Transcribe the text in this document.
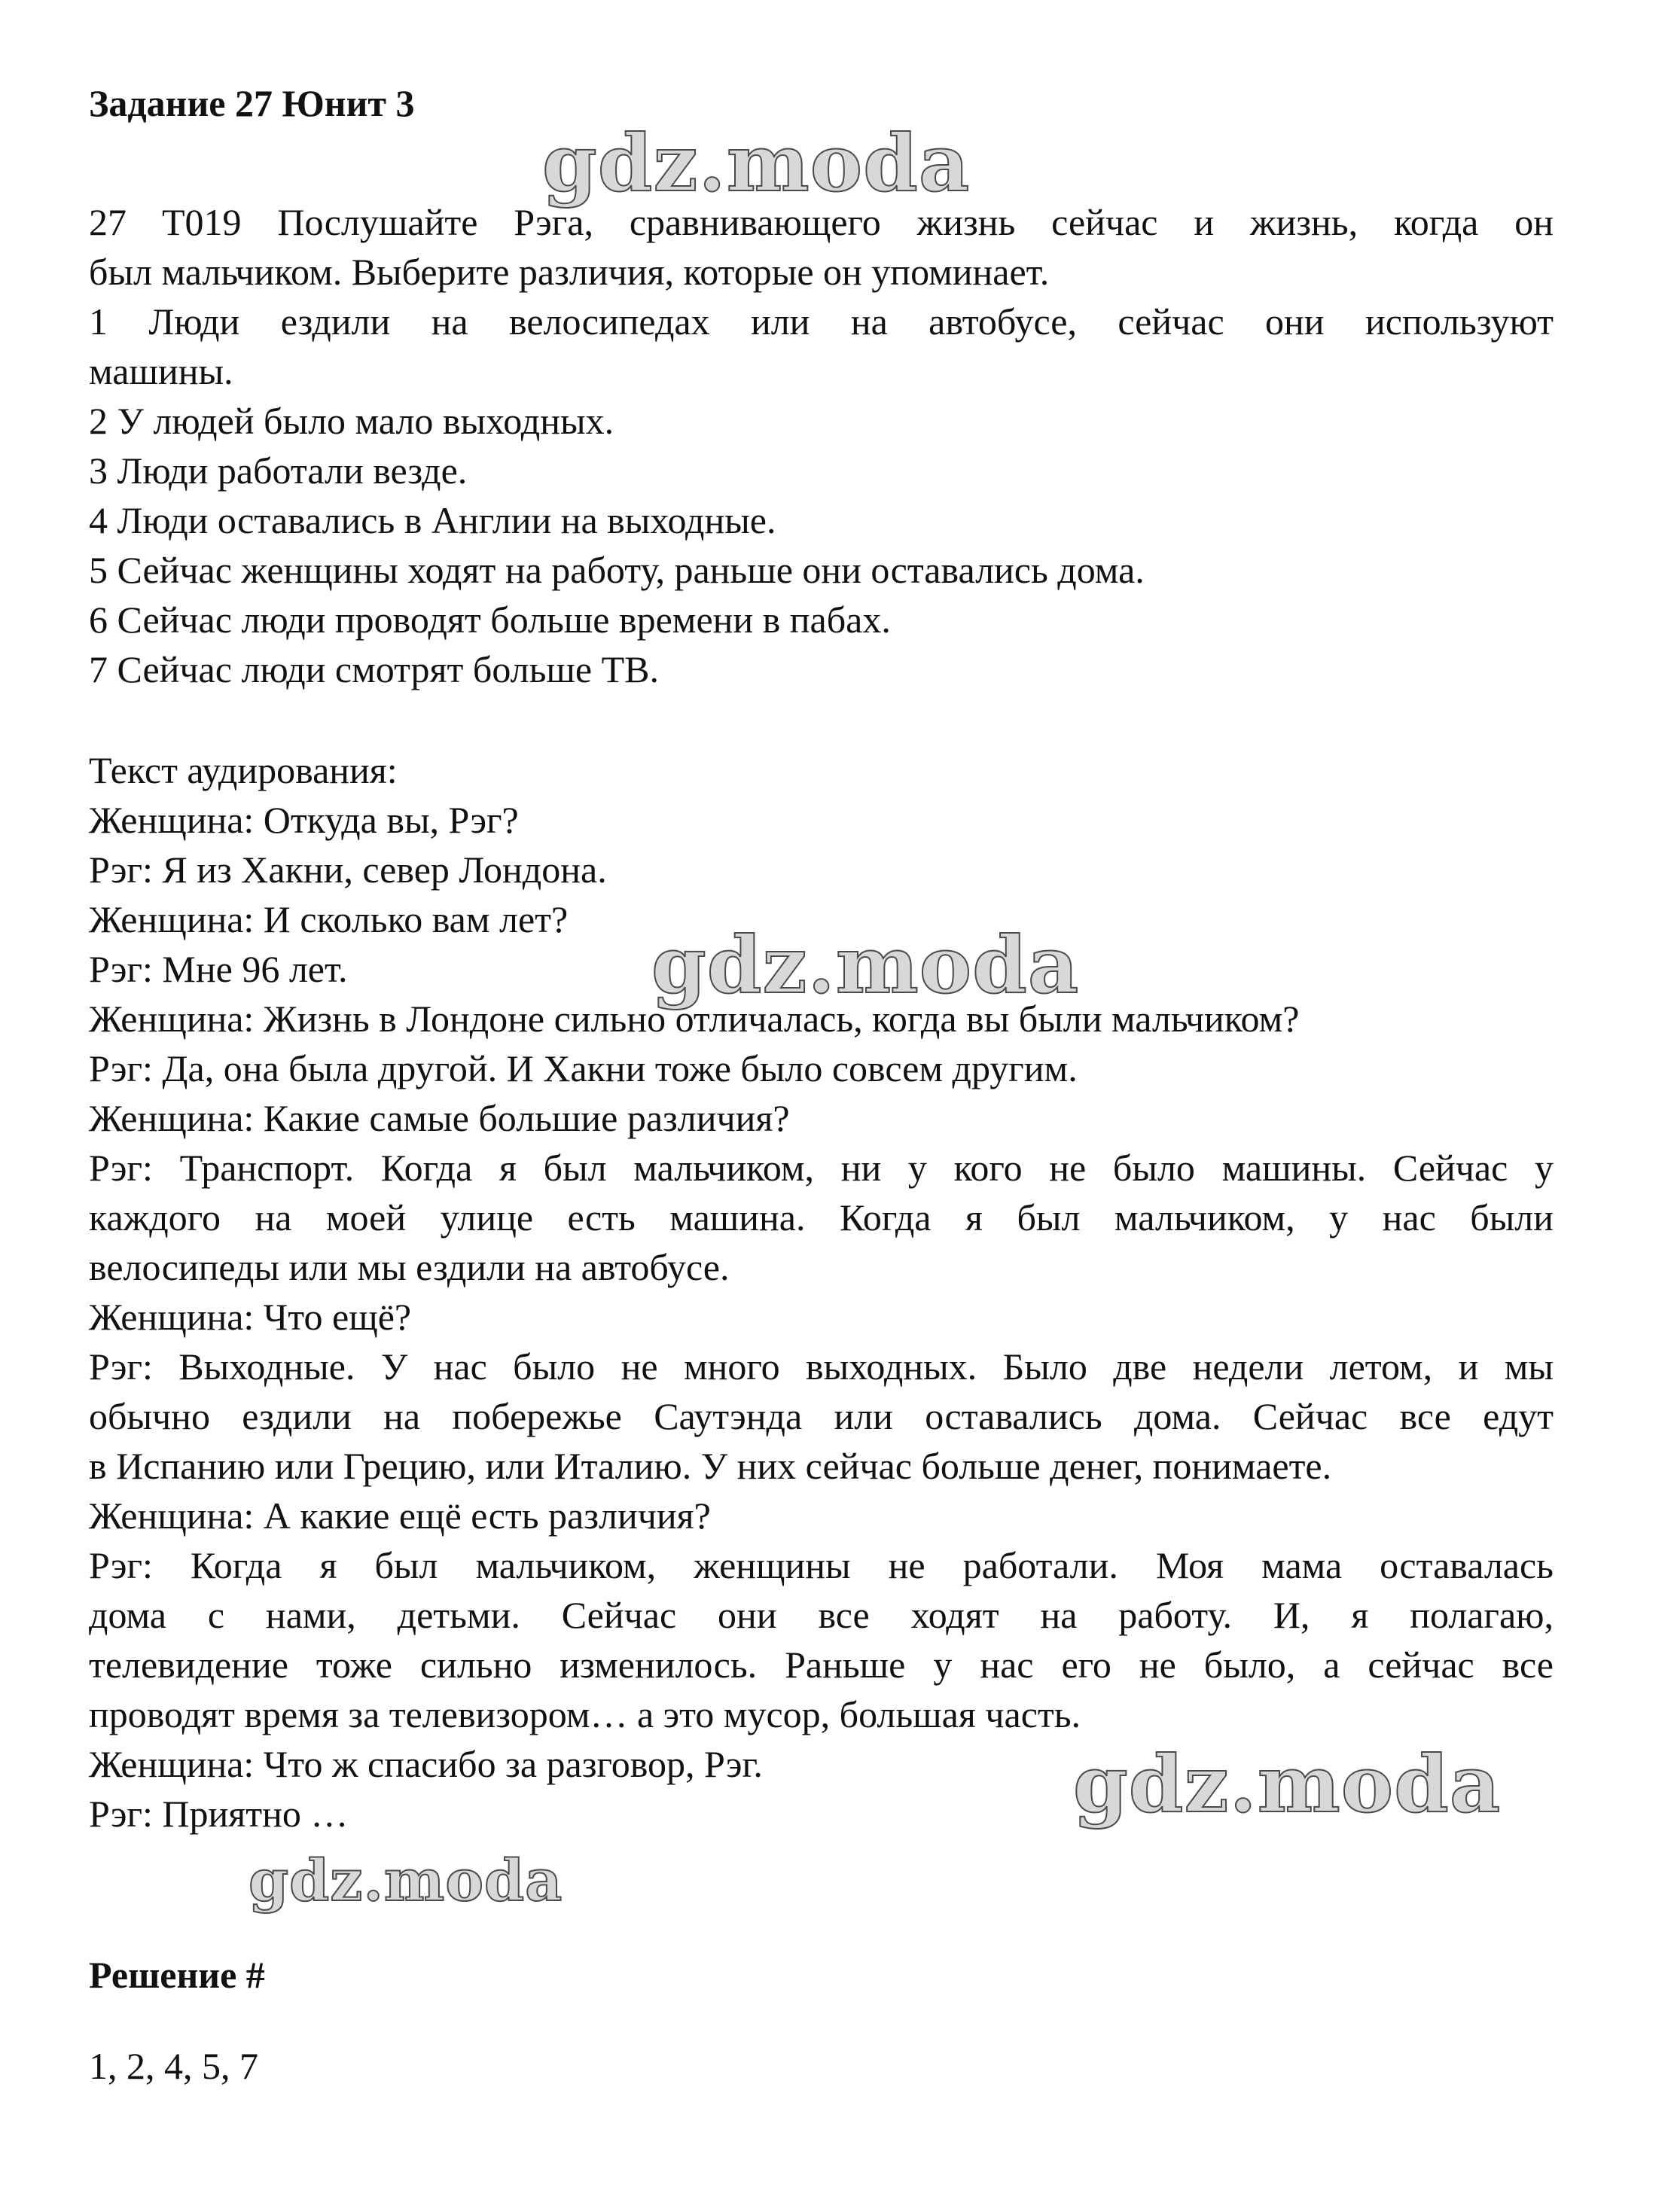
Задание 27 Юнит 3
27 T019 Послушайте Рэга, сравнивающего жизнь сейчас и жизнь, когда он
был мальчиком. Выберите различия, которые он упоминает.
1 Люди ездили на велосипедах или на автобусе, сейчас они используют
машины.
2 У людей было мало выходных.
3 Люди работали везде.
4 Люди оставались в Англии на выходные.
5 Сейчас женщины ходят на работу, раньше они оставались дома.
6 Сейчас люди проводят больше времени в пабах.
7 Сейчас люди смотрят больше ТВ.
Текст аудирования:
Женщина: Откуда вы, Рэг?
Рэг: Я из Хакни, север Лондона.
Женщина: И сколько вам лет?
Рэг: Мне 96 лет.
Женщина: Жизнь в Лондоне сильно отличалась, когда вы были мальчиком?
Рэг: Да, она была другой. И Хакни тоже было совсем другим.
Женщина: Какие самые большие различия?
Рэг: Транспорт. Когда я был мальчиком, ни у кого не было машины. Сейчас у
каждого на моей улице есть машина. Когда я был мальчиком, у нас были
велосипеды или мы ездили на автобусе.
Женщина: Что ещё?
Рэг: Выходные. У нас было не много выходных. Было две недели летом, и мы
обычно ездили на побережье Саутэнда или оставались дома. Сейчас все едут
в Испанию или Грецию, или Италию. У них сейчас больше денег, понимаете.
Женщина: А какие ещё есть различия?
Рэг: Когда я был мальчиком, женщины не работали. Моя мама оставалась
дома с нами, детьми. Сейчас они все ходят на работу. И, я полагаю,
телевидение тоже сильно изменилось. Раньше у нас его не было, а сейчас все
проводят время за телевизором… а это мусор, большая часть.
Женщина: Что ж спасибо за разговор, Рэг.
Рэг: Приятно …
Решение #
1, 2, 4, 5, 7
gdz.moda
gdz.moda
gdz.moda
gdz.moda
